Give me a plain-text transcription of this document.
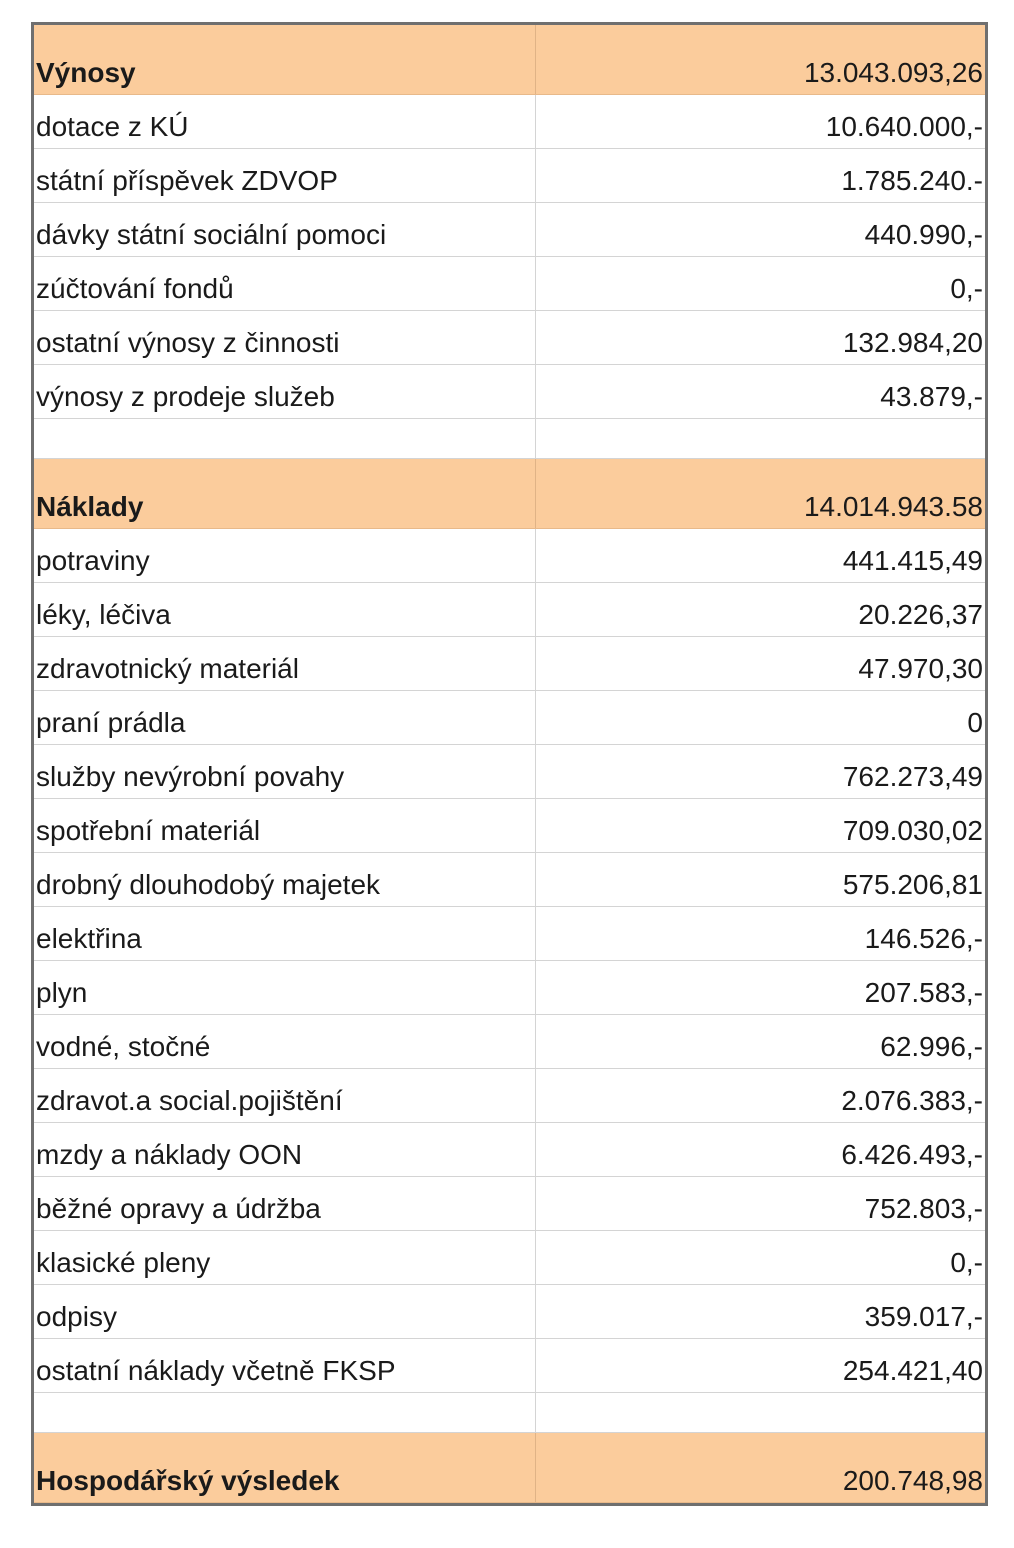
Výnosy	13.043.093,26
dotace z KÚ	10.640.000,-
státní příspěvek ZDVOP	1.785.240.-
dávky státní sociální pomoci	440.990,-
zúčtování fondů	0,-
ostatní výnosy z činnosti	132.984,20
výnosy z prodeje služeb	43.879,-
Náklady	14.014.943.58
potraviny	441.415,49
léky, léčiva	20.226,37
zdravotnický materiál	47.970,30
praní prádla	0
služby nevýrobní povahy	762.273,49
spotřební materiál	709.030,02
drobný dlouhodobý majetek	575.206,81
elektřina	146.526,-
plyn	207.583,-
vodné, stočné	62.996,-
zdravot.a social.pojištění	2.076.383,-
mzdy a náklady OON	6.426.493,-
běžné opravy a údržba	752.803,-
klasické pleny	0,-
odpisy	359.017,-
ostatní náklady včetně FKSP	254.421,40
Hospodářský výsledek	200.748,98
